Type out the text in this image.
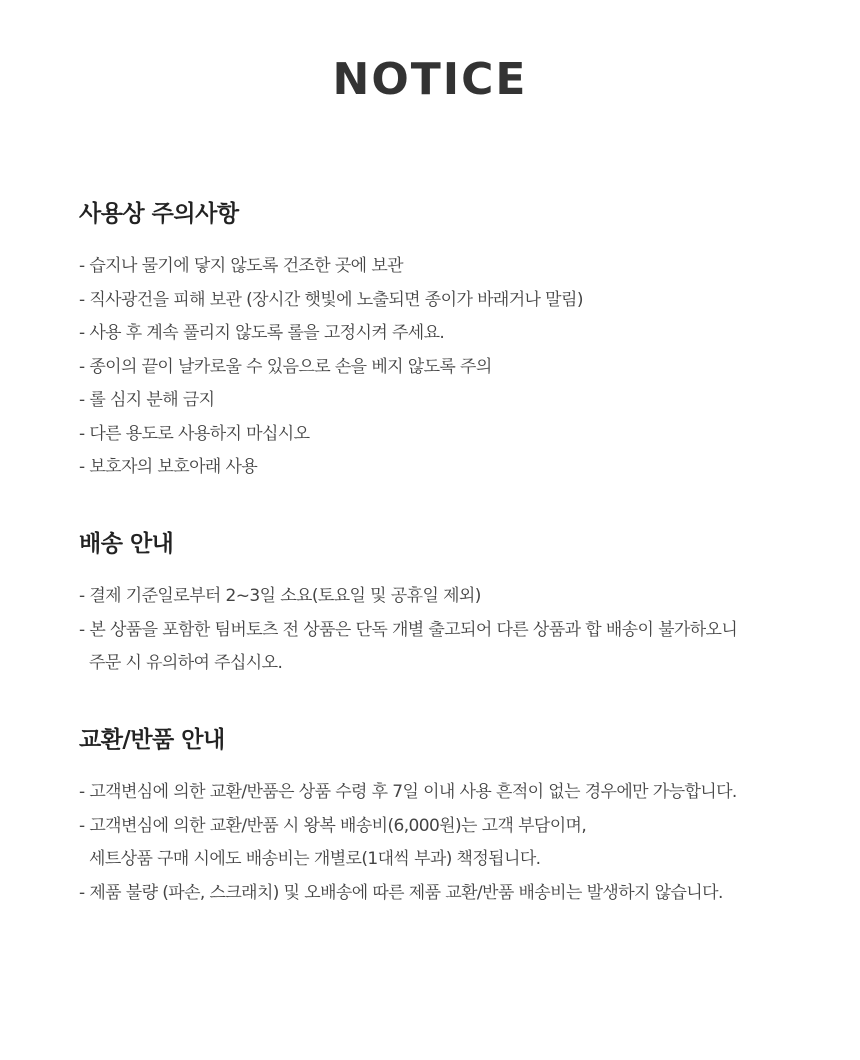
NOTICE
사용상 주의사항
- 습지나 물기에 닿지 않도록 건조한 곳에 보관
- 직사광건을 피해 보관 (장시간 햇빛에 노출되면 종이가 바래거나 말림)
- 사용 후 계속 풀리지 않도록 롤을 고정시켜 주세요.
- 종이의 끝이 날카로울 수 있음으로 손을 베지 않도록 주의
- 롤 심지 분해 금지
- 다른 용도로 사용하지 마십시오
- 보호자의 보호아래 사용
배송 안내
- 결제 기준일로부터 2~3일 소요(토요일 및 공휴일 제외)
- 본 상품을 포함한 팀버토츠 전 상품은 단독 개별 출고되어 다른 상품과 합 배송이 불가하오니
주문 시 유의하여 주십시오.
교환/반품 안내
- 고객변심에 의한 교환/반품은 상품 수령 후 7일 이내 사용 흔적이 없는 경우에만 가능합니다.
- 고객변심에 의한 교환/반품 시 왕복 배송비(6,000원)는 고객 부담이며,
세트상품 구매 시에도 배송비는 개별로(1대씩 부과) 책정됩니다.
- 제품 불량 (파손, 스크래치) 및 오배송에 따른 제품 교환/반품 배송비는 발생하지 않습니다.
